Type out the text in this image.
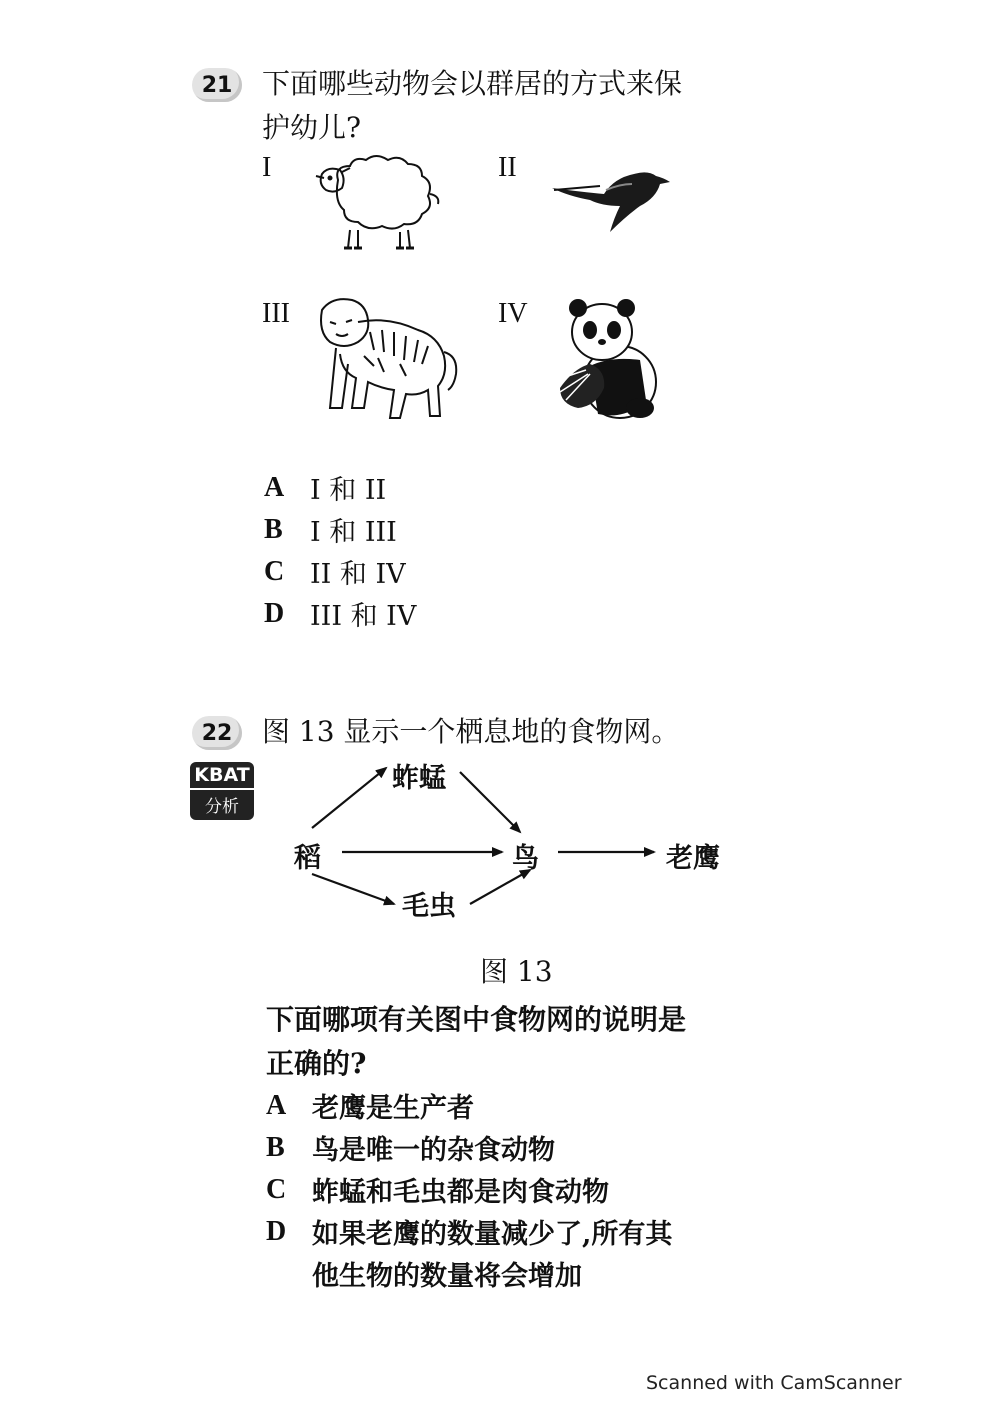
21	下面哪些动物会以群居的方式来保
护幼儿?
I	II
III	IV
A I 和 II
B	I 和 III
C II 和 IV
D III 和 IV
22	图 13 显示一个栖息地的食物网。
KBAT
分析
稻
蚱蜢
鸟
毛虫
老鹰
图 13
下面哪项有关图中食物网的说明是
正确的?
A 老鹰是生产者
B	鸟是唯一的杂食动物
C 蚱蜢和毛虫都是肉食动物
D 如果老鹰的数量减少了,所有其
他生物的数量将会增加
Scanned with CamScanner
